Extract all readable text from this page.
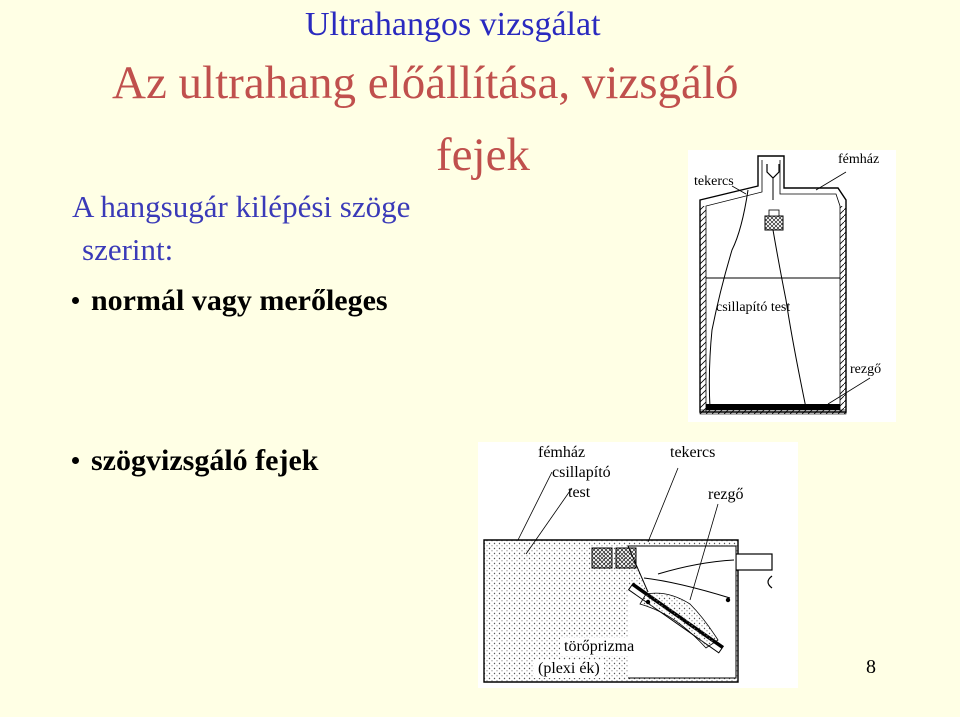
Ultrahangos vizsgálat
Az ultrahang előállítása, vizsgáló
fejek
A hangsugár kilépési szöge
szerint:
normál vagy merőleges
szögvizsgáló fejek
tekercs
fémház
csillapító test
rezgő
fémház
csillapító
test
tekercs
rezgő
törőprizma
(plexi ék)	8
